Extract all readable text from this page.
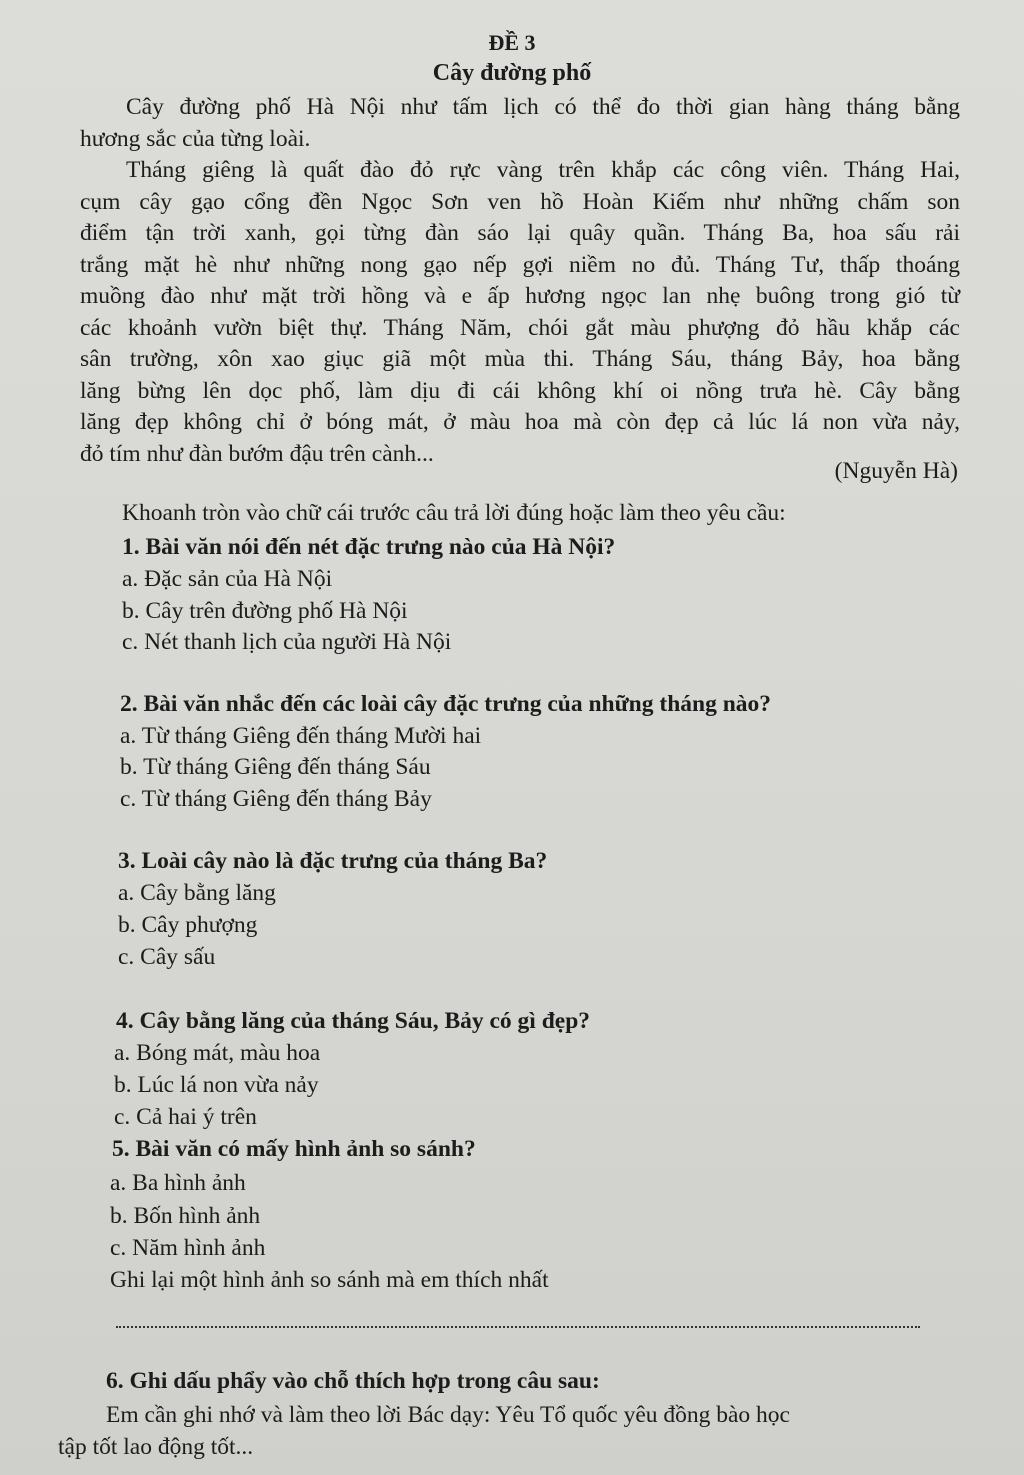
ĐỀ 3
Cây đường phố

Cây đường phố Hà Nội như tấm lịch có thể đo thời gian hàng tháng bằng

hương sắc của từng loài.

Tháng giêng là quất đào đỏ rực vàng trên khắp các công viên. Tháng Hai,

cụm cây gạo cổng đền Ngọc Sơn ven hồ Hoàn Kiếm như những chấm son

điểm tận trời xanh, gọi từng đàn sáo lại quây quần. Tháng Ba, hoa sấu rải

trắng mặt hè như những nong gạo nếp gợi niềm no đủ. Tháng Tư, thấp thoáng

muồng đào như mặt trời hồng và e ấp hương ngọc lan nhẹ buông trong gió từ

các khoảnh vườn biệt thự. Tháng Năm, chói gắt màu phượng đỏ hầu khắp các

sân trường, xôn xao giục giã một mùa thi. Tháng Sáu, tháng Bảy, hoa bằng

lăng bừng lên dọc phố, làm dịu đi cái không khí oi nồng trưa hè. Cây bằng

lăng đẹp không chỉ ở bóng mát, ở màu hoa mà còn đẹp cả lúc lá non vừa nảy,

đỏ tím như đàn bướm đậu trên cành...

(Nguyễn Hà)
Khoanh tròn vào chữ cái trước câu trả lời đúng hoặc làm theo yêu cầu:
1. Bài văn nói đến nét đặc trưng nào của Hà Nội?
a. Đặc sản của Hà Nội
b. Cây trên đường phố Hà Nội
c. Nét thanh lịch của người Hà Nội
2. Bài văn nhắc đến các loài cây đặc trưng của những tháng nào?
a. Từ tháng Giêng đến tháng Mười hai
b. Từ tháng Giêng đến tháng Sáu
c. Từ tháng Giêng đến tháng Bảy
3. Loài cây nào là đặc trưng của tháng Ba?
a. Cây bằng lăng
b. Cây phượng
c. Cây sấu
4. Cây bằng lăng của tháng Sáu, Bảy có gì đẹp?
a. Bóng mát, màu hoa
b. Lúc lá non vừa nảy
c. Cả hai ý trên
5. Bài văn có mấy hình ảnh so sánh?
a. Ba hình ảnh
b. Bốn hình ảnh
c. Năm hình ảnh
Ghi lại một hình ảnh so sánh mà em thích nhất
6. Ghi dấu phẩy vào chỗ thích hợp trong câu sau:
Em cần ghi nhớ và làm theo lời Bác dạy: Yêu Tổ quốc yêu đồng bào học
tập tốt lao động tốt...
